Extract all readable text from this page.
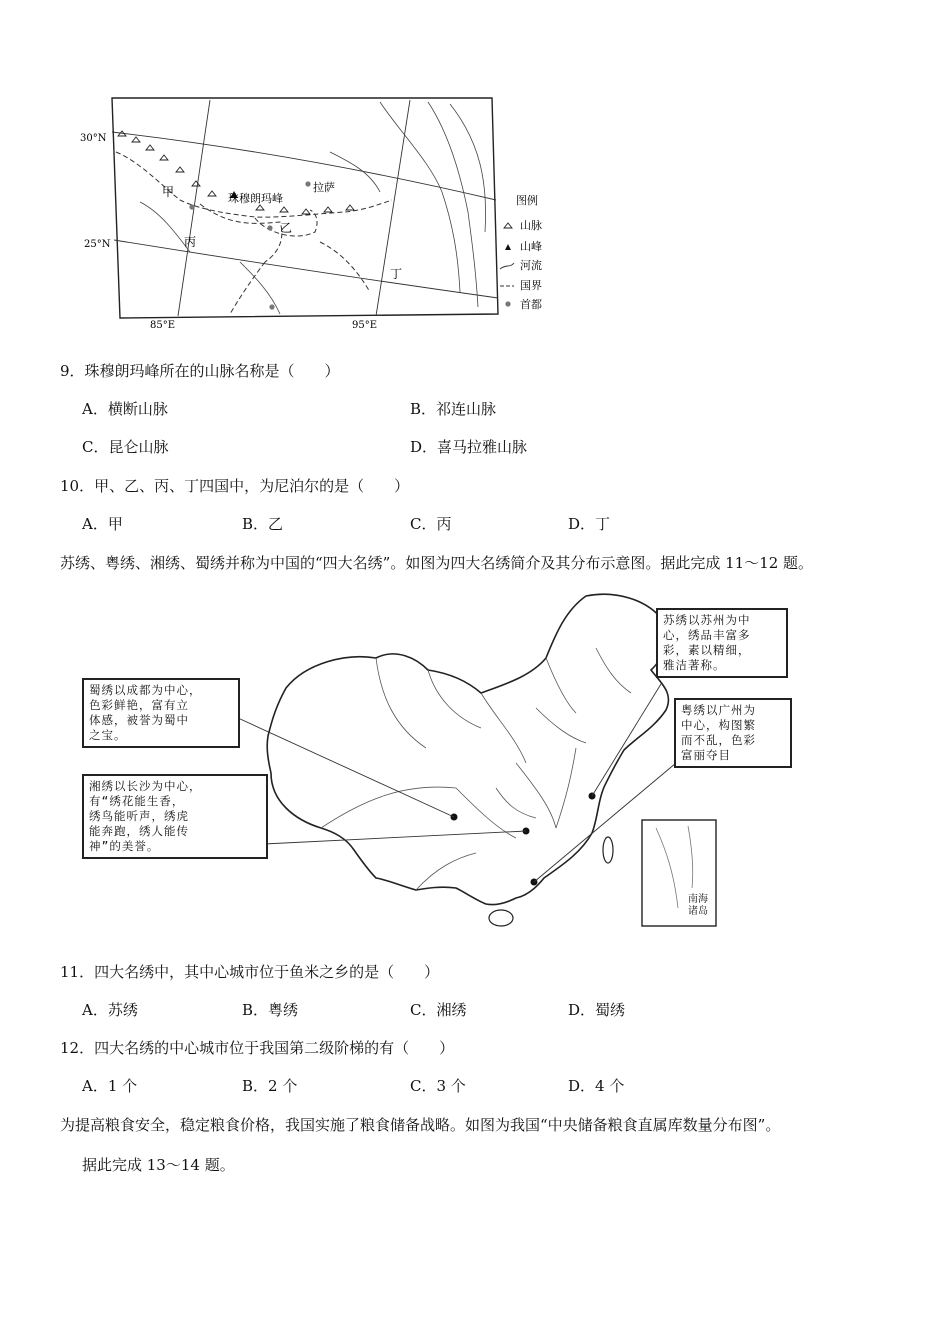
30°N
25°N
85°E	95°E
珠穆朗玛峰
拉萨
甲
乙
丙
丁
图例
山脉
山峰
河流
国界
首都
9．珠穆朗玛峰所在的山脉名称是（　　）
A．横断山脉	B．祁连山脉
C．昆仑山脉	D．喜马拉雅山脉
10．甲、乙、丙、丁四国中，为尼泊尔的是（　　）
A．甲	B．乙	C．丙	D．丁
苏绣、粤绣、湘绣、蜀绣并称为中国的“四大名绣”。如图为四大名绣简介及其分布示意图。据此完成 11～12 题。
蜀绣以成都为中心，
色彩鲜艳，富有立
体感，被誉为蜀中
之宝。
湘绣以长沙为中心，
有“绣花能生香，
绣鸟能听声，绣虎
能奔跑，绣人能传
神”的美誉。
苏绣以苏州为中
心，绣品丰富多
彩，素以精细，
雅洁著称。
粤绣以广州为
中心，构图繁
而不乱，色彩
富丽夺目
南海
诸岛
11．四大名绣中，其中心城市位于鱼米之乡的是（　　）
A．苏绣	B．粤绣	C．湘绣	D．蜀绣
12．四大名绣的中心城市位于我国第二级阶梯的有（　　）
A．1 个	B．2 个	C．3 个	D．4 个
为提高粮食安全，稳定粮食价格，我国实施了粮食储备战略。如图为我国“中央储备粮食直属库数量分布图”。
据此完成 13～14 题。
